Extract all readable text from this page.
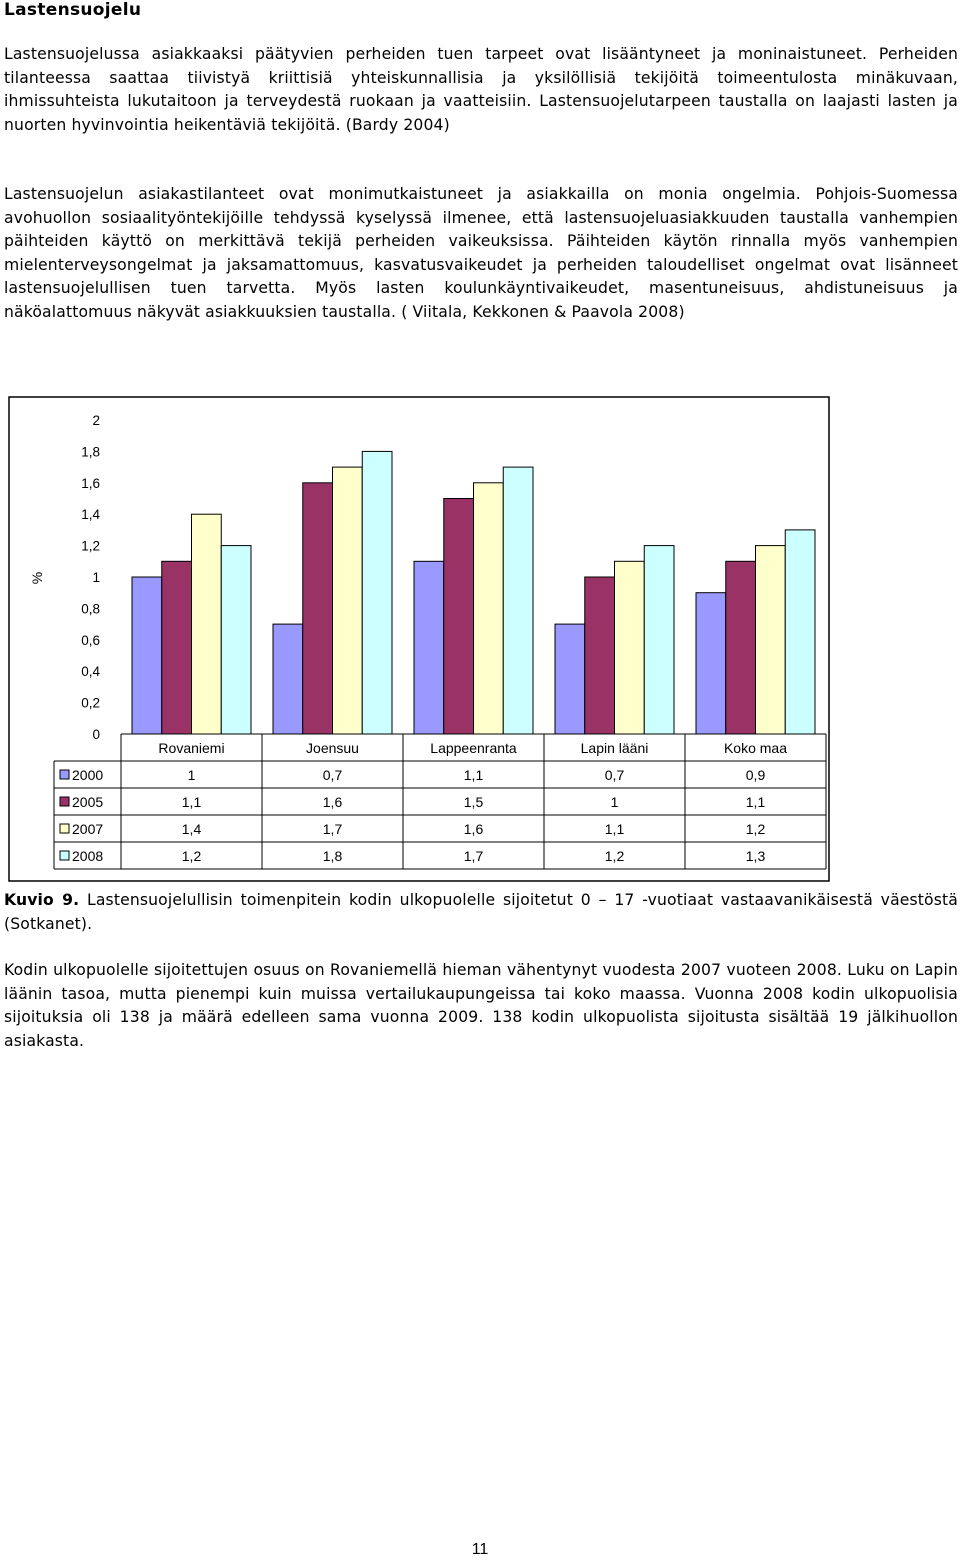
Lastensuojelu

Lastensuojelussa asiakkaaksi päätyvien perheiden tuen tarpeet ovat lisääntyneet ja moninaistuneet. Perheiden tilanteessa saattaa tiivistyä kriittisiä yhteiskunnallisia ja yksilöllisiä tekijöitä toimeentulosta minäkuvaan, ihmissuhteista lukutaitoon ja terveydestä ruokaan ja vaatteisiin. Lastensuojelutarpeen taustalla on laajasti lasten ja nuorten hyvinvointia heikentäviä tekijöitä. (Bardy 2004)

Lastensuojelun asiakastilanteet ovat monimutkaistuneet ja asiakkailla on monia ongelmia. Pohjois-Suomessa avohuollon sosiaalityöntekijöille tehdyssä kyselyssä ilmenee, että lastensuojeluasiakkuuden taustalla vanhempien päihteiden käyttö on merkittävä tekijä perheiden vaikeuksissa. Päihteiden käytön rinnalla myös vanhempien mielenterveysongelmat ja jaksamattomuus, kasvatusvaikeudet ja perheiden taloudelliset ongelmat ovat lisänneet lastensuojelullisen tuen tarvetta. Myös lasten koulunkäyntivaikeudet, masentuneisuus, ahdistuneisuus ja näköalattomuus näkyvät asiakkuuksien taustalla. ( Viitala, Kekkonen & Paavola 2008)

%
0
0,2
0,4
0,6
0,8
1
1,2
1,4
1,6
1,8
2
Rovaniemi	Joensuu	Lappeenranta	Lapin lääni	Koko maa
2000	1	0,7	1,1	0,7	0,9
2005	1,1	1,6	1,5	1	1,1
2007	1,4	1,7	1,6	1,1	1,2
2008	1,2	1,8	1,7	1,2	1,3

Kuvio 9. Lastensuojelullisin toimenpitein kodin ulkopuolelle sijoitetut 0 – 17 -vuotiaat vastaavanikäisestä väestöstä (Sotkanet).

Kodin ulkopuolelle sijoitettujen osuus on Rovaniemellä hieman vähentynyt vuodesta 2007 vuoteen 2008. Luku on Lapin läänin tasoa, mutta pienempi kuin muissa vertailukaupungeissa tai koko maassa. Vuonna 2008 kodin ulkopuolisia sijoituksia oli 138 ja määrä edelleen sama vuonna 2009. 138 kodin ulkopuolista sijoitusta sisältää 19 jälkihuollon asiakasta.

11
